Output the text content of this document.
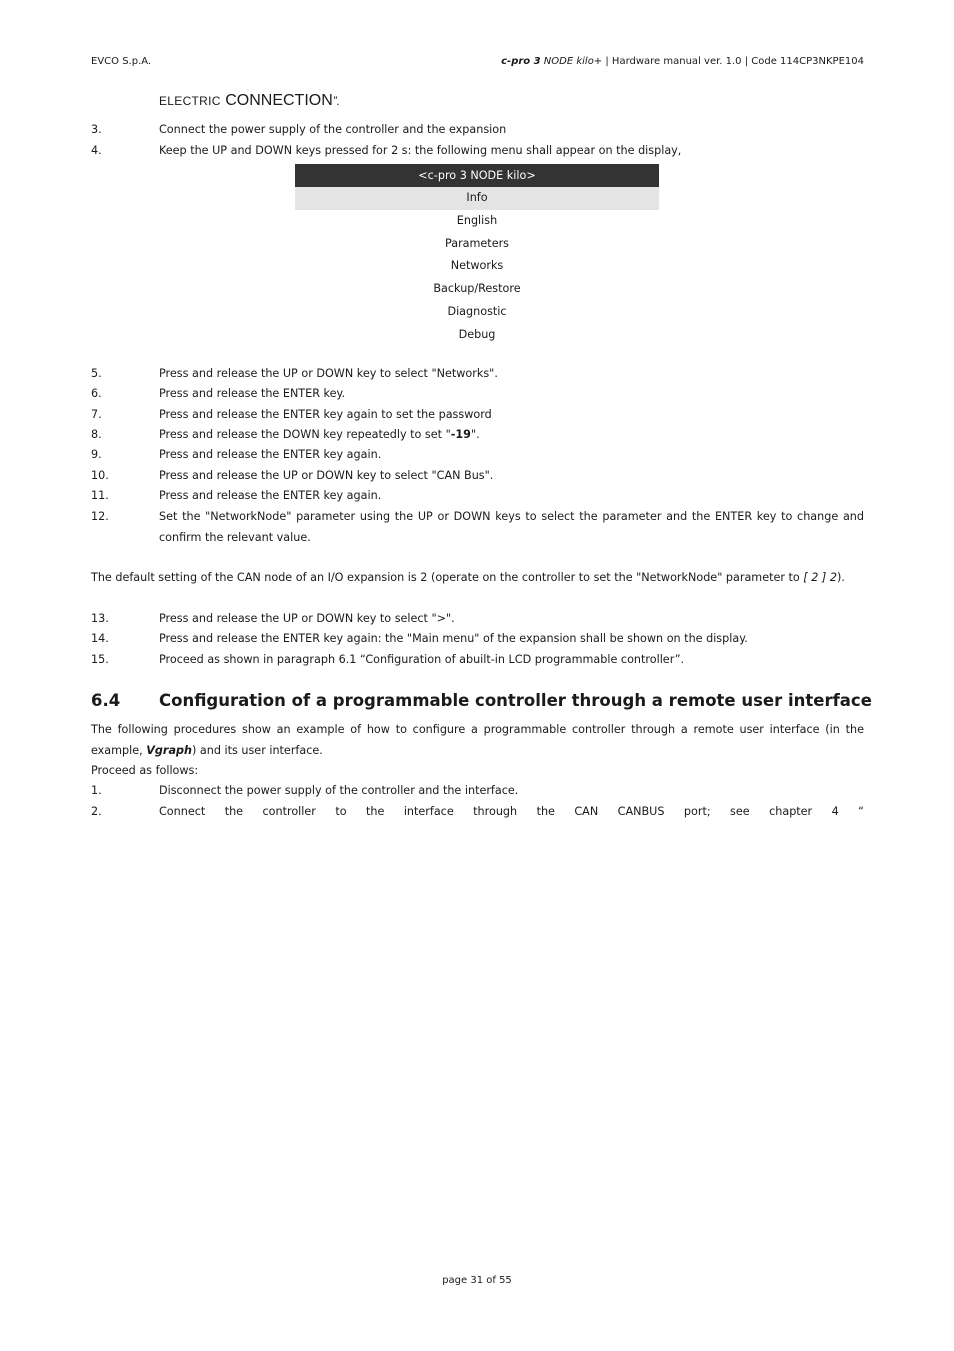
EVCO S.p.A.	c-pro 3 NODE kilo+ | Hardware manual ver. 1.0 | Code 114CP3NKPE104
ELECTRIC CONNECTION”.
3.	Connect the power supply of the controller and the expansion
4.	Keep the UP and DOWN keys pressed for 2 s: the following menu shall appear on the display,
<c-pro 3 NODE kilo>
Info
English
Parameters
Networks
Backup/Restore
Diagnostic
Debug
5.	Press and release the UP or DOWN key to select "Networks".
6.	Press and release the ENTER key.
7.	Press and release the ENTER key again to set the password
8.	Press and release the DOWN key repeatedly to set "-19".
9.	Press and release the ENTER key again.
10.	Press and release the UP or DOWN key to select "CAN Bus".
11.	Press and release the ENTER key again.
12.	Set the "NetworkNode" parameter using the UP or DOWN keys to select the parameter and the ENTER key to change and confirm the relevant value.
The default setting of the CAN node of an I/O expansion is 2 (operate on the controller to set the "NetworkNode" parameter to [ 2 ] 2).
13.	Press and release the UP or DOWN key to select ">".
14.	Press and release the ENTER key again: the "Main menu" of the expansion shall be shown on the display.
15.	Proceed as shown in paragraph 6.1 “Configuration of abuilt-in LCD programmable controller”.
6.4 Configuration of a programmable controller through a remote user interface
The following procedures show an example of how to configure a programmable controller through a remote user interface (in the example, Vgraph) and its user interface.
Proceed as follows:
1.	Disconnect the power supply of the controller and the interface.
2.	Connect the controller to the interface through the CAN CANBUS port; see chapter 4 “
page 31 of 55
